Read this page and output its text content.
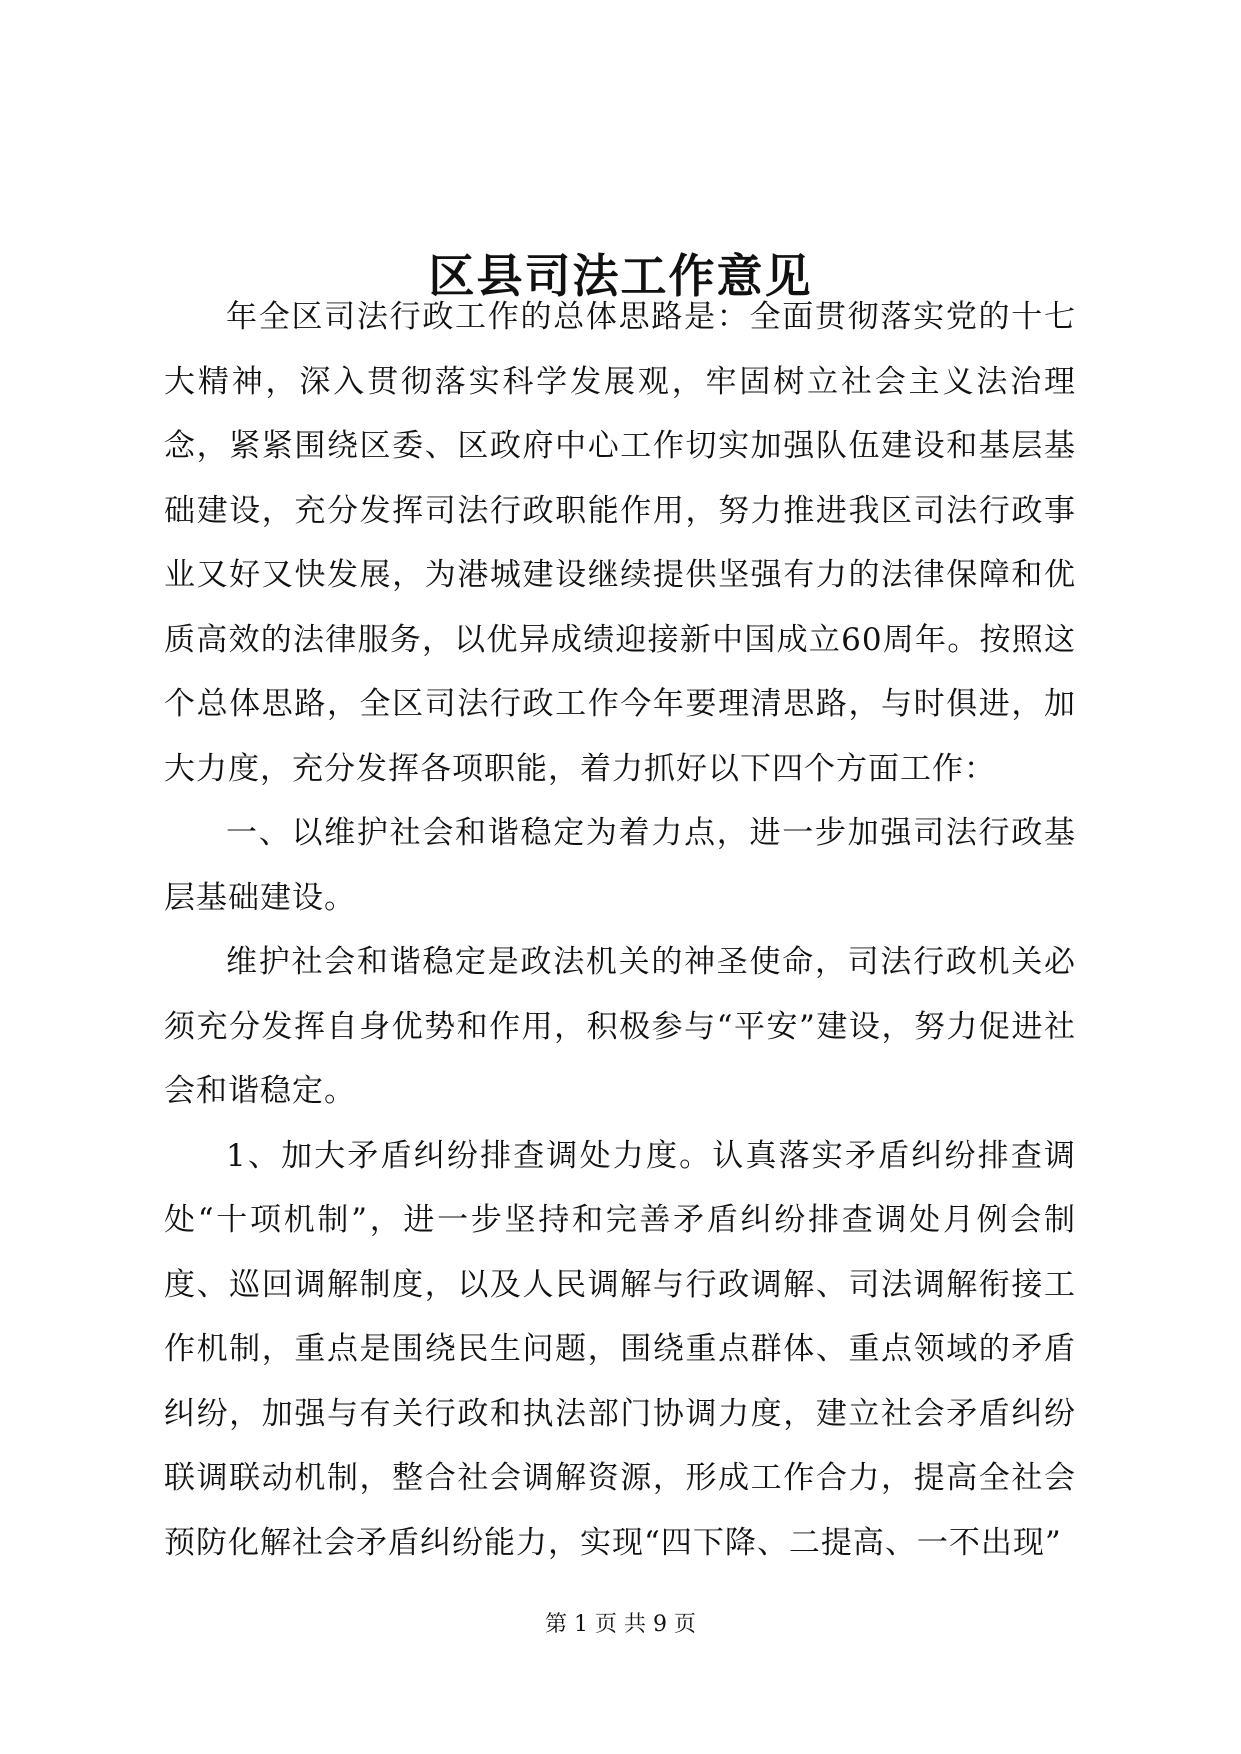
区县司法工作意见

年全区司法行政工作的总体思路是：全面贯彻落实党的十七大精神，深入贯彻落实科学发展观，牢固树立社会主义法治理念，紧紧围绕区委、区政府中心工作切实加强队伍建设和基层基础建设，充分发挥司法行政职能作用，努力推进我区司法行政事业又好又快发展，为港城建设继续提供坚强有力的法律保障和优质高效的法律服务，以优异成绩迎接新中国成立60周年。按照这个总体思路，全区司法行政工作今年要理清思路，与时俱进，加大力度，充分发挥各项职能，着力抓好以下四个方面工作：

一、以维护社会和谐稳定为着力点，进一步加强司法行政基层基础建设。

维护社会和谐稳定是政法机关的神圣使命，司法行政机关必须充分发挥自身优势和作用，积极参与“平安”建设，努力促进社会和谐稳定。

1、加大矛盾纠纷排查调处力度。认真落实矛盾纠纷排查调处“十项机制”，进一步坚持和完善矛盾纠纷排查调处月例会制度、巡回调解制度，以及人民调解与行政调解、司法调解衔接工作机制，重点是围绕民生问题，围绕重点群体、重点领域的矛盾纠纷，加强与有关行政和执法部门协调力度，建立社会矛盾纠纷联调联动机制，整合社会调解资源，形成工作合力，提高全社会预防化解社会矛盾纠纷能力，实现“四下降、二提高、一不出现”

第 1 页 共 9 页
